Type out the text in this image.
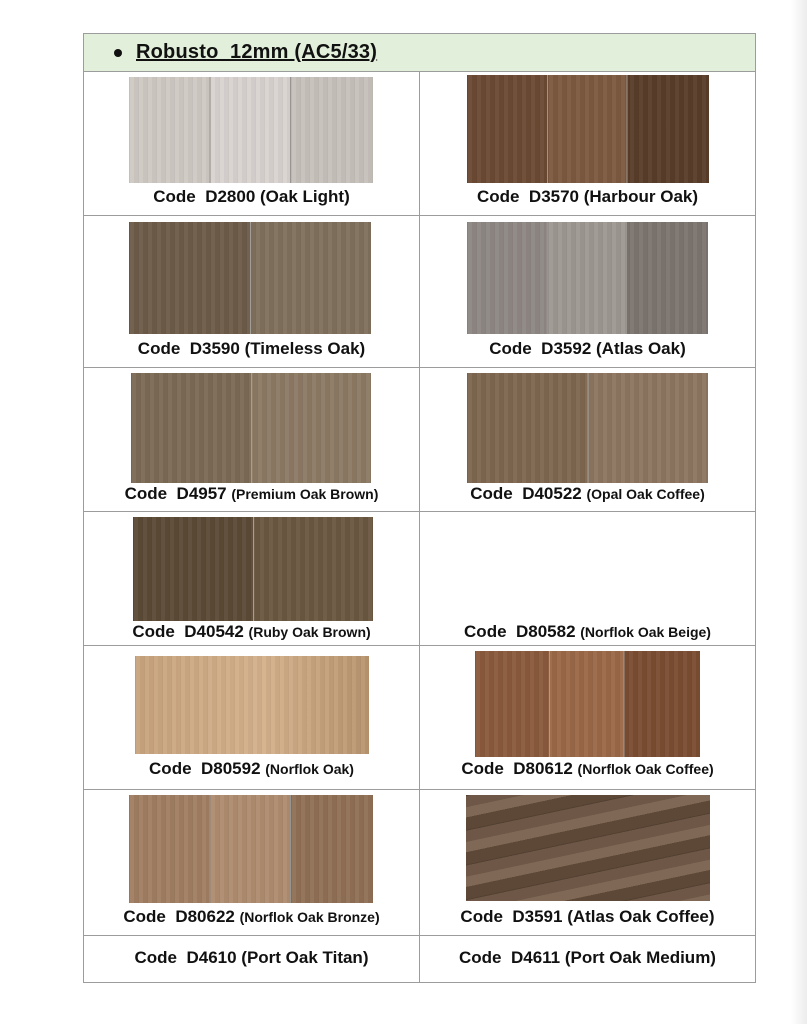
Robusto  12mm (AC5/33)
Code  D2800 (Oak Light)	Code  D3570 (Harbour Oak)
Code  D3590 (Timeless Oak)	Code  D3592 (Atlas Oak)
Code  D4957 (Premium Oak Brown)	Code  D40522 (Opal Oak Coffee)
Code  D40542 (Ruby Oak Brown)	Code  D80582 (Norflok Oak Beige)
Code  D80592 (Norflok Oak)	Code  D80612 (Norflok Oak Coffee)
Code  D80622 (Norflok Oak Bronze)	Code  D3591 (Atlas Oak Coffee)
Code  D4610 (Port Oak Titan)	Code  D4611 (Port Oak Medium)
